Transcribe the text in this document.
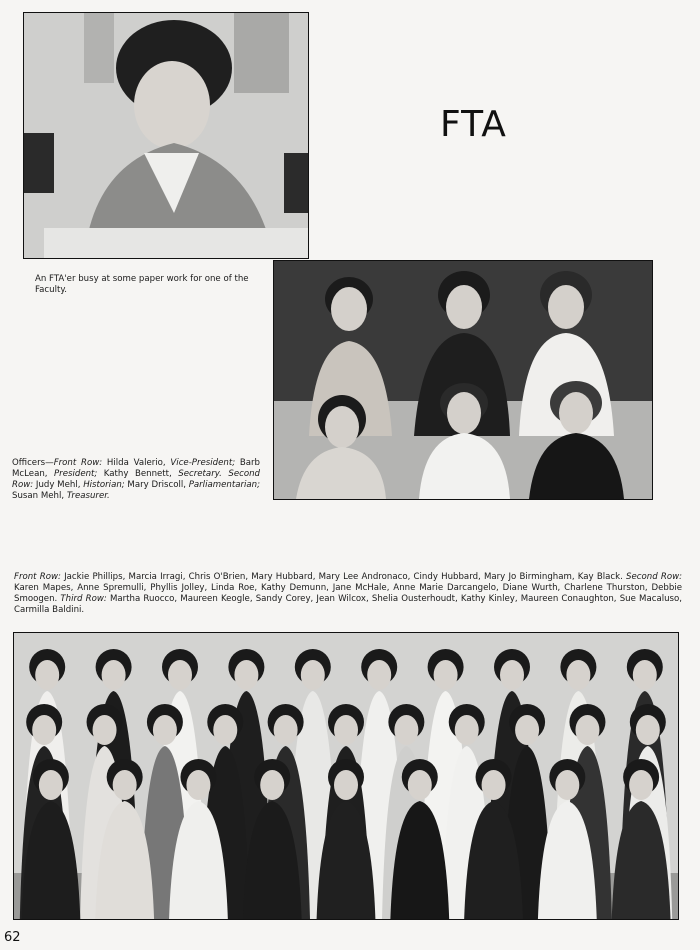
FTA
An FTA'er busy at some paper work for one of the Faculty.
Officers—Front Row: Hilda Valerio, Vice-President; Barb McLean, President; Kathy Bennett, Secretary. Second Row: Judy Mehl, Historian; Mary Driscoll, Parliamentarian; Susan Mehl, Treasurer.
Front Row: Jackie Phillips, Marcia Irragi, Chris O'Brien, Mary Hubbard, Mary Lee Andronaco, Cindy Hubbard, Mary Jo Birmingham, Kay Black. Second Row: Karen Mapes, Anne Spremulli, Phyllis Jolley, Linda Roe, Kathy Demunn, Jane McHale, Anne Marie Darcangelo, Diane Wurth, Charlene Thurston, Debbie Smoogen. Third Row: Martha Ruocco, Maureen Keogle, Sandy Corey, Jean Wilcox, Shelia Ousterhoudt, Kathy Kinley, Maureen Conaughton, Sue Macaluso, Carmilla Baldini.
62
